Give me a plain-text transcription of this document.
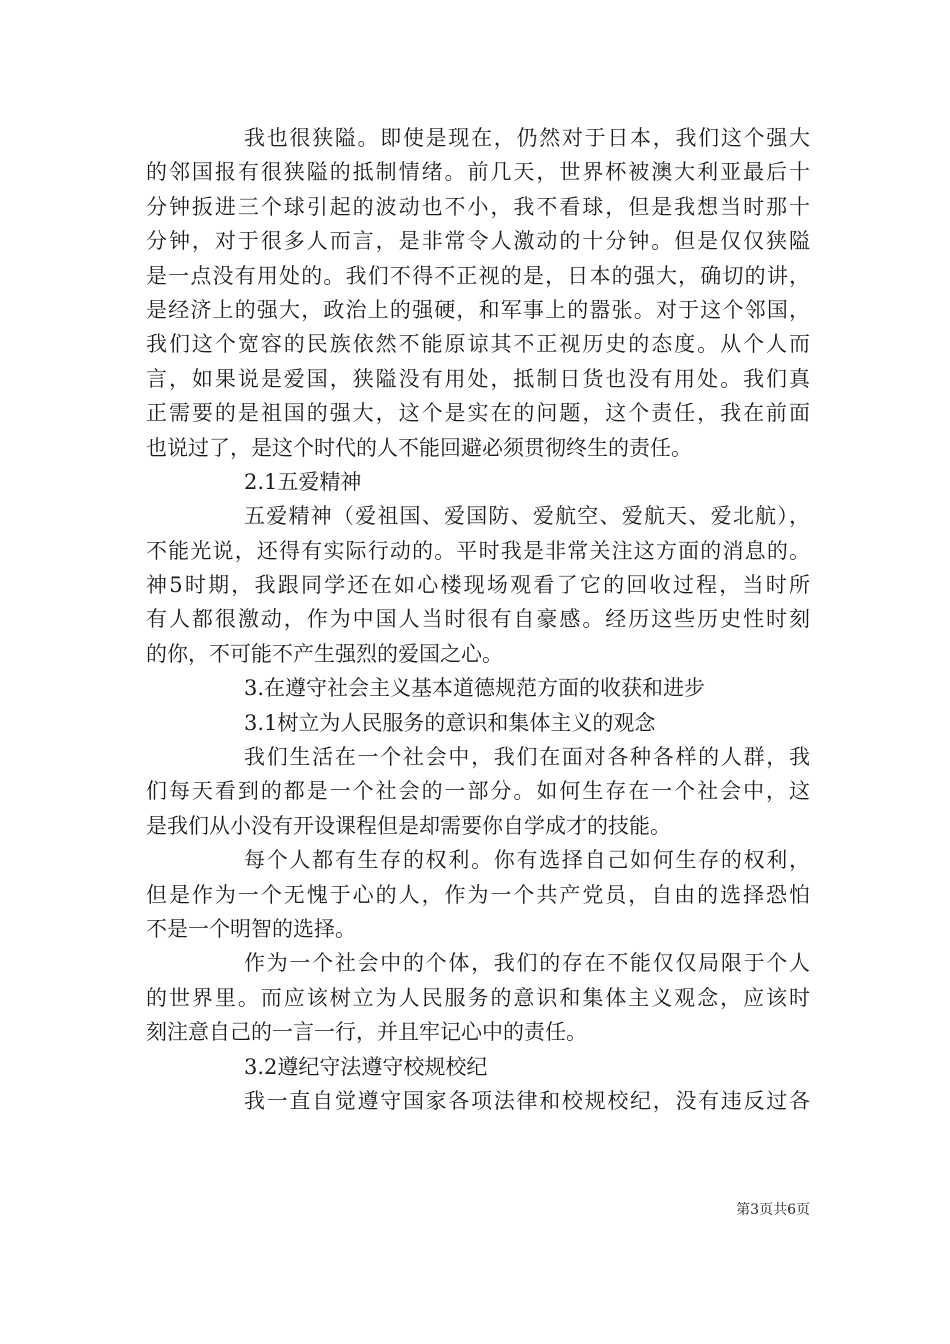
我也很狭隘。即使是现在，仍然对于日本，我们这个强大
的邻国报有很狭隘的抵制情绪。前几天，世界杯被澳大利亚最后十
分钟扳进三个球引起的波动也不小，我不看球，但是我想当时那十
分钟，对于很多人而言，是非常令人激动的十分钟。但是仅仅狭隘
是一点没有用处的。我们不得不正视的是，日本的强大，确切的讲，
是经济上的强大，政治上的强硬，和军事上的嚣张。对于这个邻国，
我们这个宽容的民族依然不能原谅其不正视历史的态度。从个人而
言，如果说是爱国，狭隘没有用处，抵制日货也没有用处。我们真
正需要的是祖国的强大，这个是实在的问题，这个责任，我在前面
也说过了，是这个时代的人不能回避必须贯彻终生的责任。
2.1五爱精神
五爱精神（爱祖国、爱国防、爱航空、爱航天、爱北航），
不能光说，还得有实际行动的。平时我是非常关注这方面的消息的。
神5时期，我跟同学还在如心楼现场观看了它的回收过程，当时所
有人都很激动，作为中国人当时很有自豪感。经历这些历史性时刻
的你，不可能不产生强烈的爱国之心。
3.在遵守社会主义基本道德规范方面的收获和进步
3.1树立为人民服务的意识和集体主义的观念
我们生活在一个社会中，我们在面对各种各样的人群，我
们每天看到的都是一个社会的一部分。如何生存在一个社会中，这
是我们从小没有开设课程但是却需要你自学成才的技能。
每个人都有生存的权利。你有选择自己如何生存的权利，
但是作为一个无愧于心的人，作为一个共产党员，自由的选择恐怕
不是一个明智的选择。
作为一个社会中的个体，我们的存在不能仅仅局限于个人
的世界里。而应该树立为人民服务的意识和集体主义观念，应该时
刻注意自己的一言一行，并且牢记心中的责任。
3.2遵纪守法遵守校规校纪
我一直自觉遵守国家各项法律和校规校纪，没有违反过各
第3页共6页
